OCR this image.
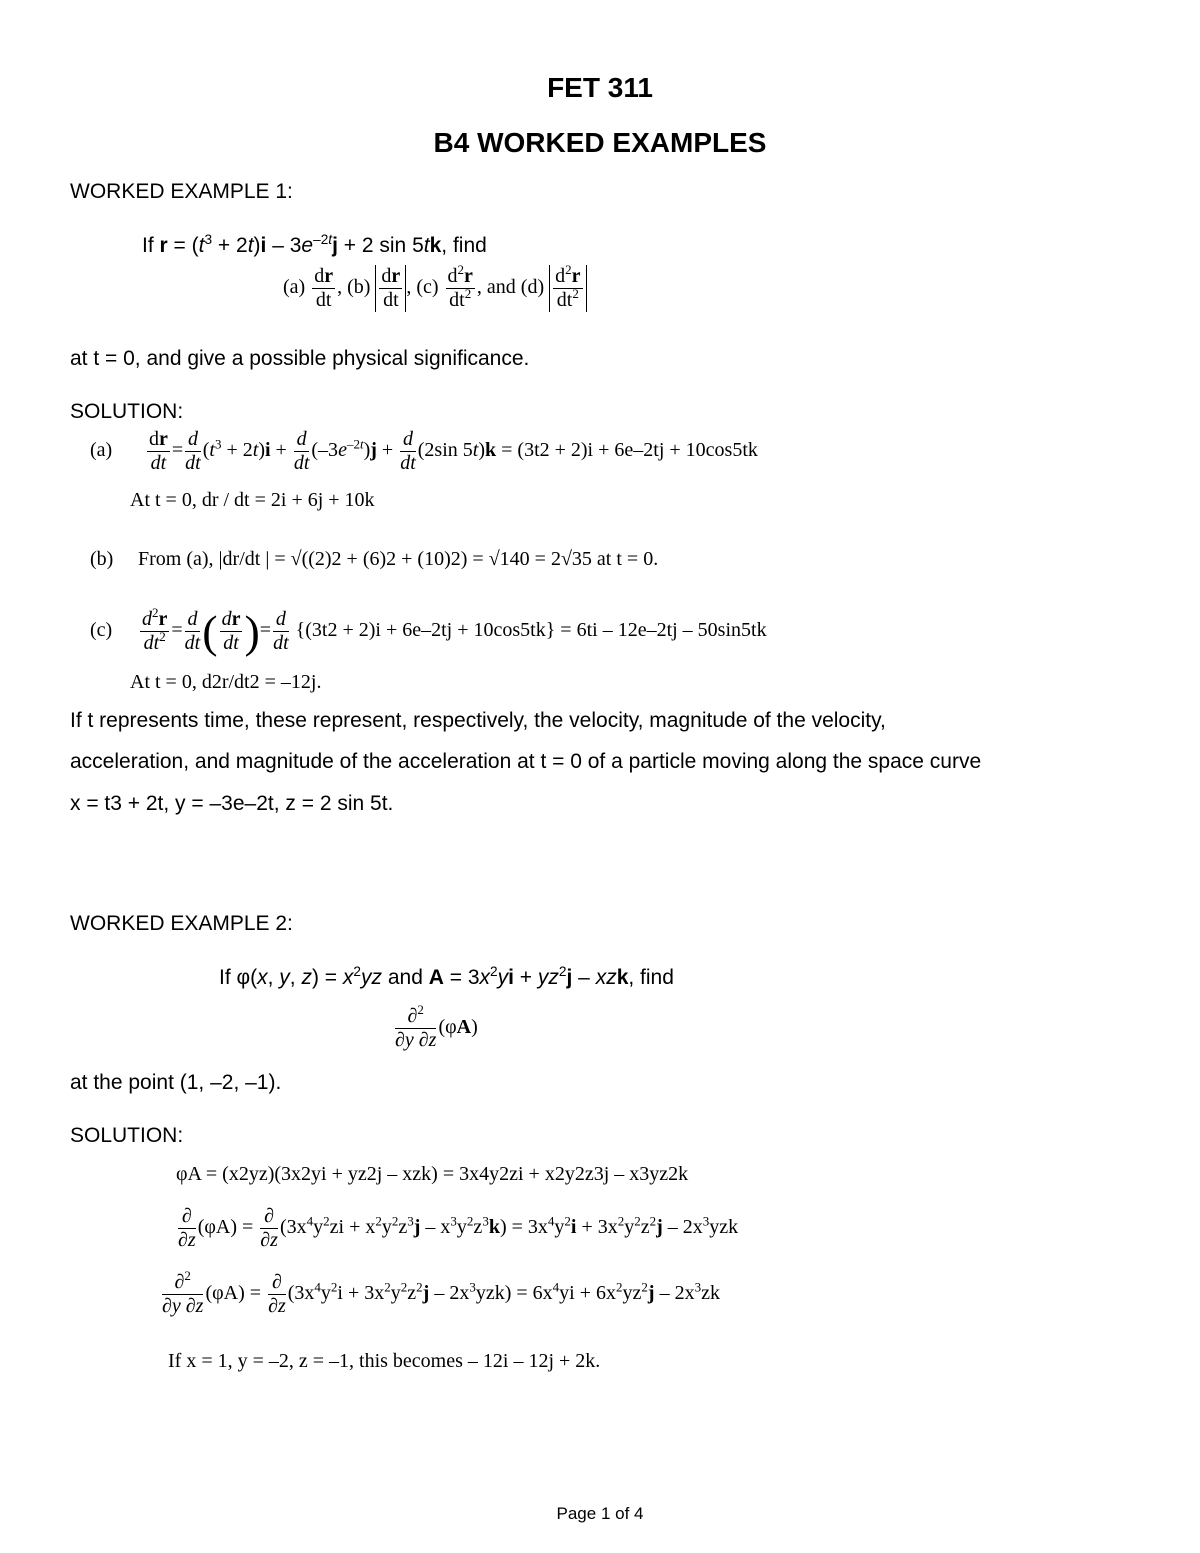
FET 311
B4 WORKED EXAMPLES
WORKED EXAMPLE 1:
If $r = (t^3 + 2t)i - 3e^{-2t}j + 2$ sin 5tk, find
$(a) \frac{dr}{dt}$ , $(b) \frac{dr}{dt}$ , $(c) \frac{d^2r}{dt^2}$ , and $(d) \frac{d^2r}{dt^2}$
at t = 0, and give a possible physical significance.
SOLUTION:
$(a) \frac{dr}{dt} = \frac{d}{dt} (t^3 + 2t)i + \frac{d}{dt} (-3e^{-2t})j + \frac{d}{dt} (2\sin$ 5t)k = (3t2 + 2)i + 6e–2tj + 10cos5tk
At t = 0, dr / dt = 2i + 6j + 10k
(b) From (a), |dr/dt | = √((2)2 + (6)2 + (10)2) = √140 = 2√35 at t = 0.
$(c) \frac{d^2r}{dt^2} = \frac{d}{dt}$ ( $\frac{dr}{dt}$ )= $\frac{d}{dt} \{(3t2 + 2)i + 6e-2tj + 10\cos 5tk\} = 6ti - 12e-2tj - 50\sin 5tk$
At t = 0, d2r/dt2 = –12j.
If t represents time, these represent, respectively, the velocity, magnitude of the velocity,
acceleration, and magnitude of the acceleration at t = 0 of a particle moving along the space curve
x = t3 + 2t, y = –3e–2t, z = 2 sin 5t.
WORKED EXAMPLE 2:
If φ(x, y, $z) = x^2yz$ and $A = 3x^2yi + yz^2j$ – xzk, find
$\frac{\partial^2}{\partial y \partial z} (\varphi A)$
at the point (1, –2, –1).
SOLUTION:
φA = (x2yz)(3x2yi + yz2j – xzk) = 3x4y2zi + x2y2z3j – x3yz2k
$\frac{\partial}{\partial z} (\varphi A) = \frac{\partial}{\partial z} (3x^4y^2zi + x^2y^2z^3j - x^3y^2z^3k) = 3x^4y^2i + 3x^2y^2z^2j - 2x^3yzk$
$\frac{\partial^2}{\partial y \partial z} (\varphi A) = \frac{\partial}{\partial z} (3x^4y^2i + 3x^2y^2z^2j - 2x^3yzk) = 6x^4yi + 6x^2yz^2j - 2x^3zk$
If x = 1, y = –2, z = –1, this becomes – 12i – 12j + 2k.
Page 1 of 4
